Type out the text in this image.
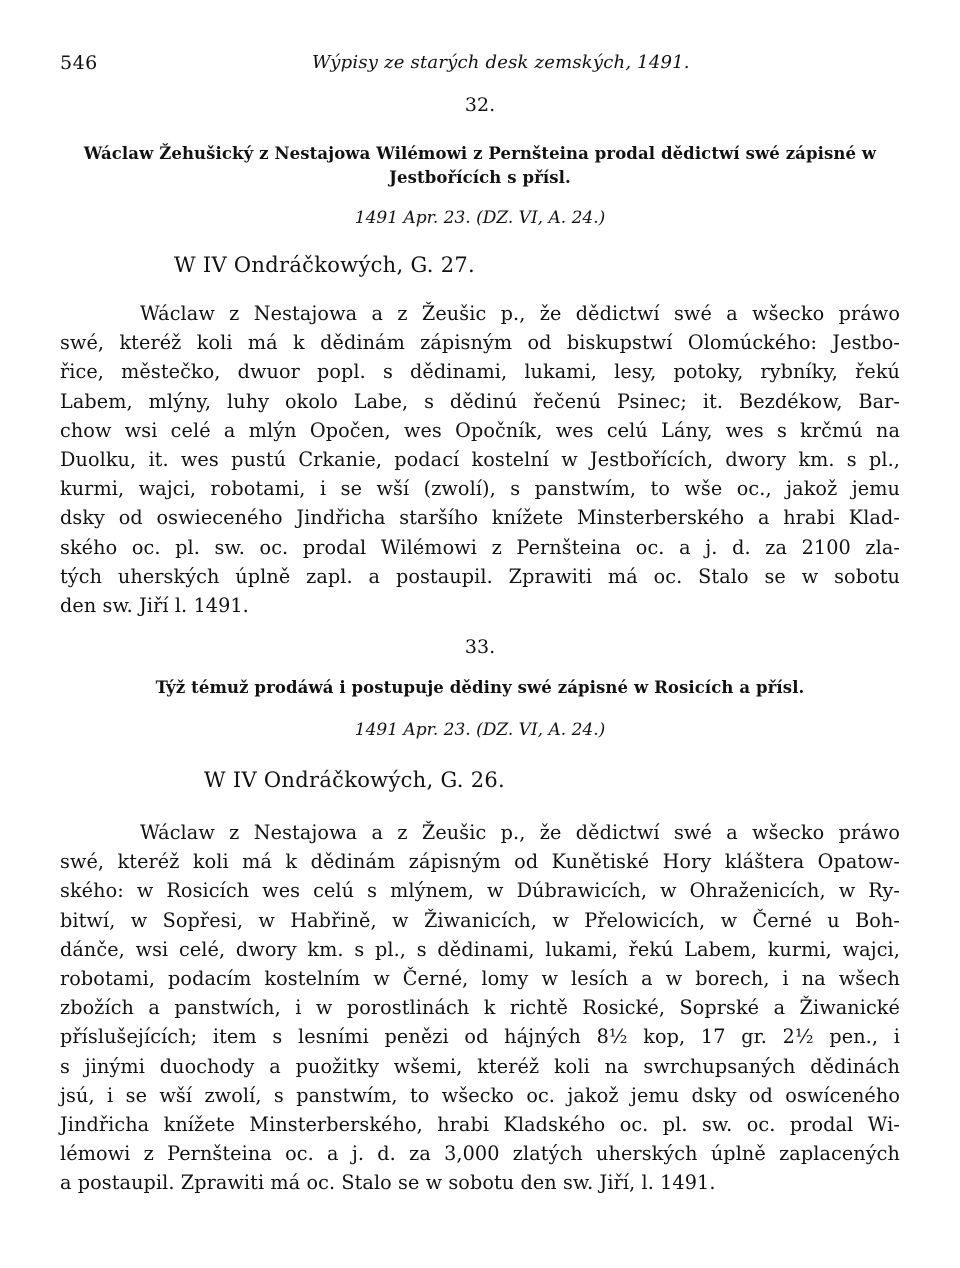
546	Wýpisy ze starých desk zemských, 1491.
32.
Wáclaw Žehušický z Nestajowa Wilémowi z Pernšteina prodal dědictwí swé zápisné w
Jestbořících s přísl.
1491 Apr. 23. (DZ. VI, A. 24.)
W IV Ondráčkowých, G. 27.
Wáclaw z Nestajowa a z Žeušic p., že dědictwí swé a wšecko práwo
swé, kteréž koli má k dědinám zápisným od biskupstwí Olomúckého: Jestbo-
řice, městečko, dwuor popl. s dědinami, lukami, lesy, potoky, rybníky, řekú
Labem, mlýny, luhy okolo Labe, s dědinú řečenú Psinec; it. Bezdékow, Bar-
chow wsi celé a mlýn Opočen, wes Opočník, wes celú Lány, wes s krčmú na
Duolku, it. wes pustú Crkanie, podací kostelní w Jestbořících, dwory km. s pl.,
kurmi, wajci, robotami, i se wší (zwolí), s panstwím, to wše oc., jakož jemu
dsky od oswieceného Jindřicha staršího knížete Minsterberského a hrabi Klad-
ského oc. pl. sw. oc. prodal Wilémowi z Pernšteina oc. a j. d. za 2100 zla-
tých uherských úplně zapl. a postaupil. Zprawiti má oc. Stalo se w sobotu
den sw. Jiří l. 1491.
33.
Týž témuž prodáwá i postupuje dědiny swé zápisné w Rosicích a přísl.
1491 Apr. 23. (DZ. VI, A. 24.)
W IV Ondráčkowých, G. 26.
Wáclaw z Nestajowa a z Žeušic p., že dědictwí swé a wšecko práwo
swé, kteréž koli má k dědinám zápisným od Kunětiské Hory kláštera Opatow-
ského: w Rosicích wes celú s mlýnem, w Dúbrawicích, w Ohraženicích, w Ry-
bitwí, w Sopřesi, w Habřině, w Žiwanicích, w Přelowicích, w Černé u Boh-
dánče, wsi celé, dwory km. s pl., s dědinami, lukami, řekú Labem, kurmi, wajci,
robotami, podacím kostelním w Černé, lomy w lesích a w borech, i na wšech
zbožích a panstwích, i w porostlinách k richtě Rosické, Soprské a Žiwanické
příslušejících; item s lesními penězi od hájných 8½ kop, 17 gr. 2½ pen., i
s jinými duochody a puožitky wšemi, kteréž koli na swrchupsaných dědinách
jsú, i se wší zwolí, s panstwím, to wšecko oc. jakož jemu dsky od oswíceného
Jindřicha knížete Minsterberského, hrabi Kladského oc. pl. sw. oc. prodal Wi-
lémowi z Pernšteina oc. a j. d. za 3,000 zlatých uherských úplně zaplacených
a postaupil. Zprawiti má oc. Stalo se w sobotu den sw. Jiří, l. 1491.
